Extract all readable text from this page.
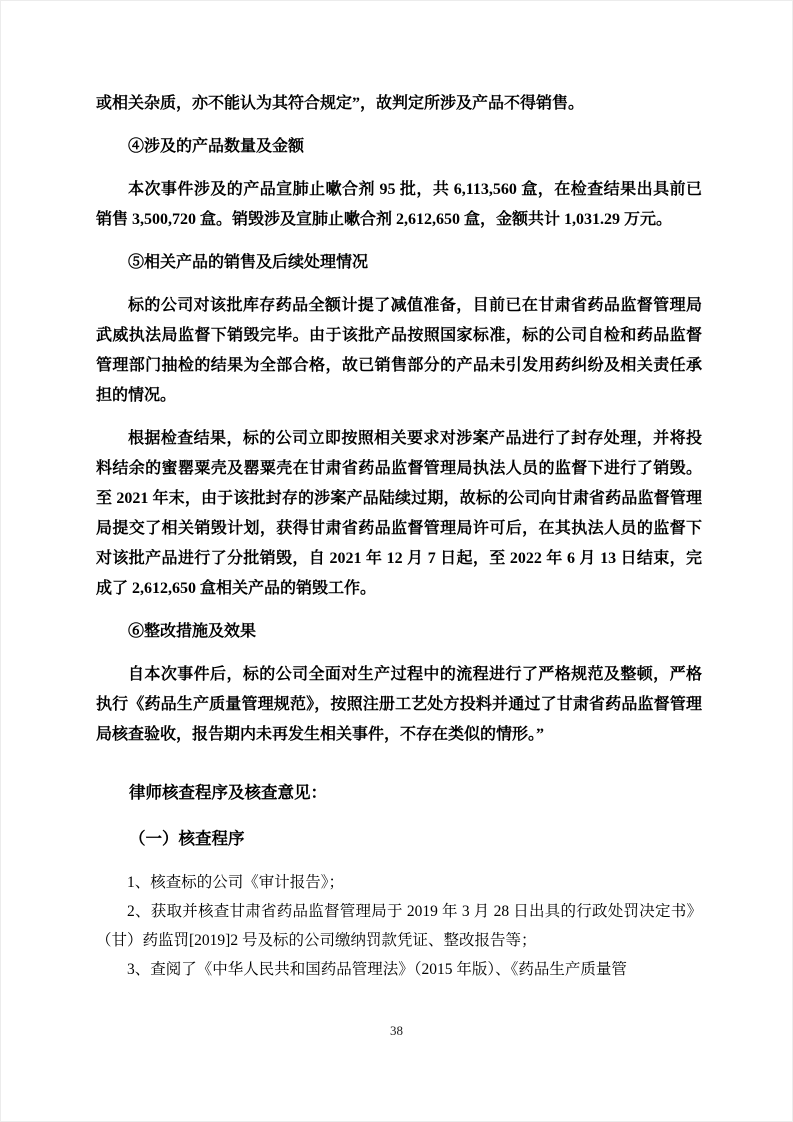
或相关杂质，亦不能认为其符合规定”，故判定所涉及产品不得销售。

④涉及的产品数量及金额

本次事件涉及的产品宣肺止嗽合剂 95 批，共 6,113,560 盒，在检查结果出具前已销售 3,500,720 盒。销毁涉及宣肺止嗽合剂 2,612,650 盒，金额共计 1,031.29 万元。

⑤相关产品的销售及后续处理情况

标的公司对该批库存药品全额计提了减值准备，目前已在甘肃省药品监督管理局武威执法局监督下销毁完毕。由于该批产品按照国家标准，标的公司自检和药品监督管理部门抽检的结果为全部合格，故已销售部分的产品未引发用药纠纷及相关责任承担的情况。

根据检查结果，标的公司立即按照相关要求对涉案产品进行了封存处理，并将投料结余的蜜罂粟壳及罂粟壳在甘肃省药品监督管理局执法人员的监督下进行了销毁。至 2021 年末，由于该批封存的涉案产品陆续过期，故标的公司向甘肃省药品监督管理局提交了相关销毁计划，获得甘肃省药品监督管理局许可后，在其执法人员的监督下对该批产品进行了分批销毁，自 2021 年 12 月 7 日起，至 2022 年 6 月 13 日结束，完成了 2,612,650 盒相关产品的销毁工作。

⑥整改措施及效果

自本次事件后，标的公司全面对生产过程中的流程进行了严格规范及整顿，严格执行《药品生产质量管理规范》，按照注册工艺处方投料并通过了甘肃省药品监督管理局核查验收，报告期内未再发生相关事件，不存在类似的情形。”

律师核查程序及核查意见：

（一）核查程序

1、核查标的公司《审计报告》；

2、获取并核查甘肃省药品监督管理局于 2019 年 3 月 28 日出具的行政处罚决定书》（甘）药监罚[2019]2 号及标的公司缴纳罚款凭证、整改报告等；

3、查阅了《中华人民共和国药品管理法》（2015 年版）、《药品生产质量管

38
